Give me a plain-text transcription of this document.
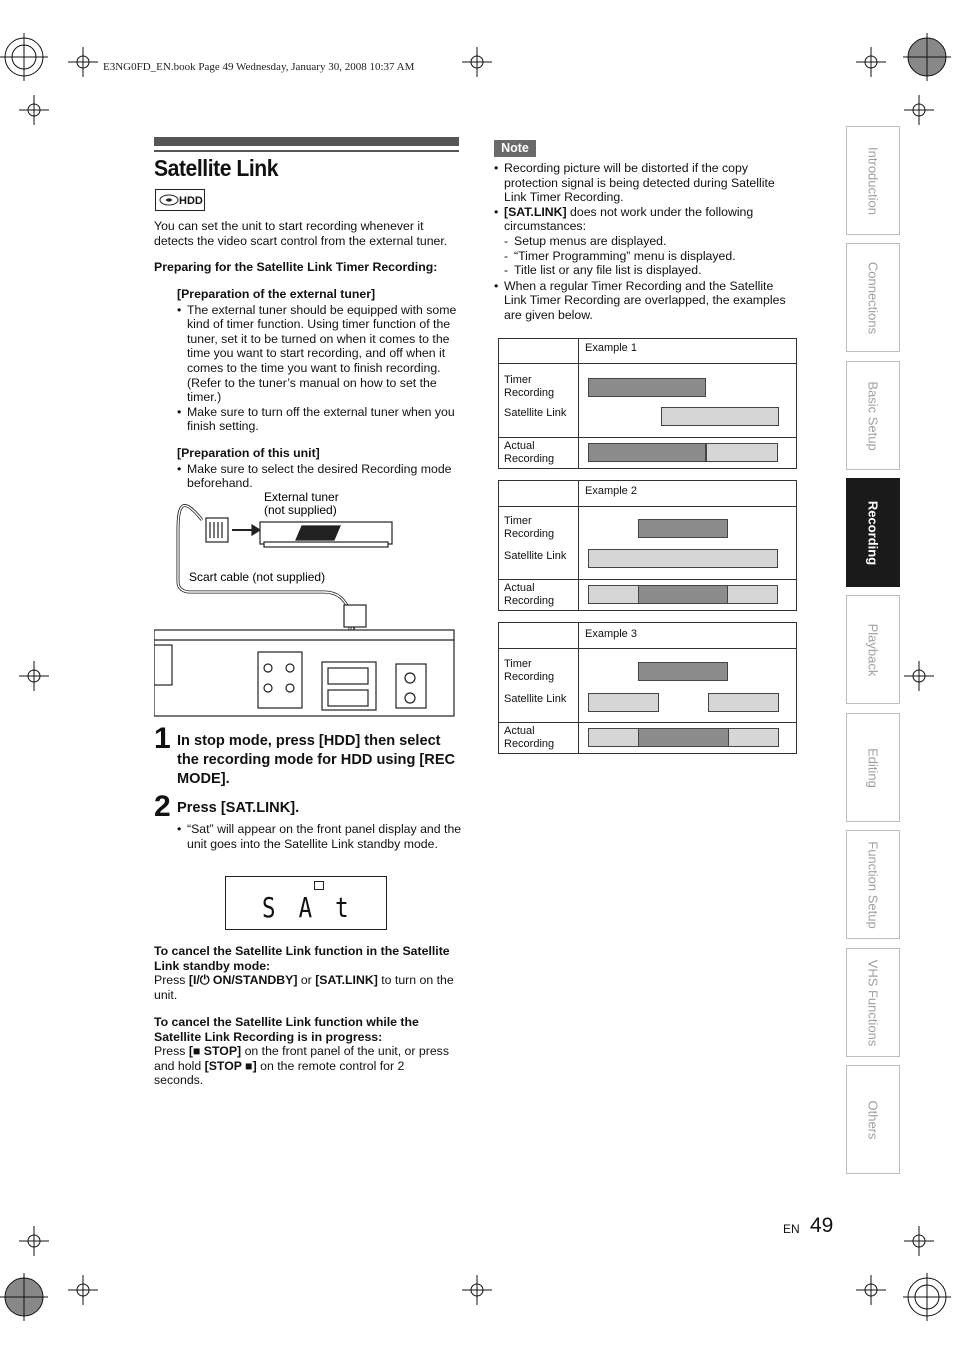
E3NG0FD_EN.book Page 49 Wednesday, January 30, 2008 10:37 AM
Satellite Link
HDD
You can set the unit to start recording whenever it detects the video scart control from the external tuner.
Preparing for the Satellite Link Timer Recording:
[Preparation of the external tuner]
• The external tuner should be equipped with some kind of timer function. Using timer function of the tuner, set it to be turned on when it comes to the time you want to start recording, and off when it comes to the time you want to finish recording. (Refer to the tuner’s manual on how to set the timer.)
• Make sure to turn off the external tuner when you finish setting.
[Preparation of this unit]
• Make sure to select the desired Recording mode beforehand.
External tuner
(not supplied)
Scart cable (not supplied)
1 In stop mode, press [HDD] then select the recording mode for HDD using [REC MODE].
2 Press [SAT.LINK].
• “Sat” will appear on the front panel display and the unit goes into the Satellite Link standby mode.
S A t
To cancel the Satellite Link function in the Satellite Link standby mode:
Press [I/⏻ ON/STANDBY] or [SAT.LINK] to turn on the unit.
To cancel the Satellite Link function while the Satellite Link Recording is in progress:
Press [■ STOP] on the front panel of the unit, or press and hold [STOP ■] on the remote control for 2 seconds.
Note
• Recording picture will be distorted if the copy protection signal is being detected during Satellite Link Timer Recording.
• [SAT.LINK] does not work under the following circumstances:
- Setup menus are displayed.
- “Timer Programming” menu is displayed.
- Title list or any file list is displayed.
• When a regular Timer Recording and the Satellite Link Timer Recording are overlapped, the examples are given below.
	Example 1

Timer Recording
Satellite Link	

Actual Recording	
	Example 2

Timer Recording
Satellite Link	

Actual Recording	
	Example 3

Timer Recording
Satellite Link	

Actual Recording	
Introduction
Connections
Basic Setup
Recording
Playback
Editing
Function Setup
VHS Functions
Others
EN 49
